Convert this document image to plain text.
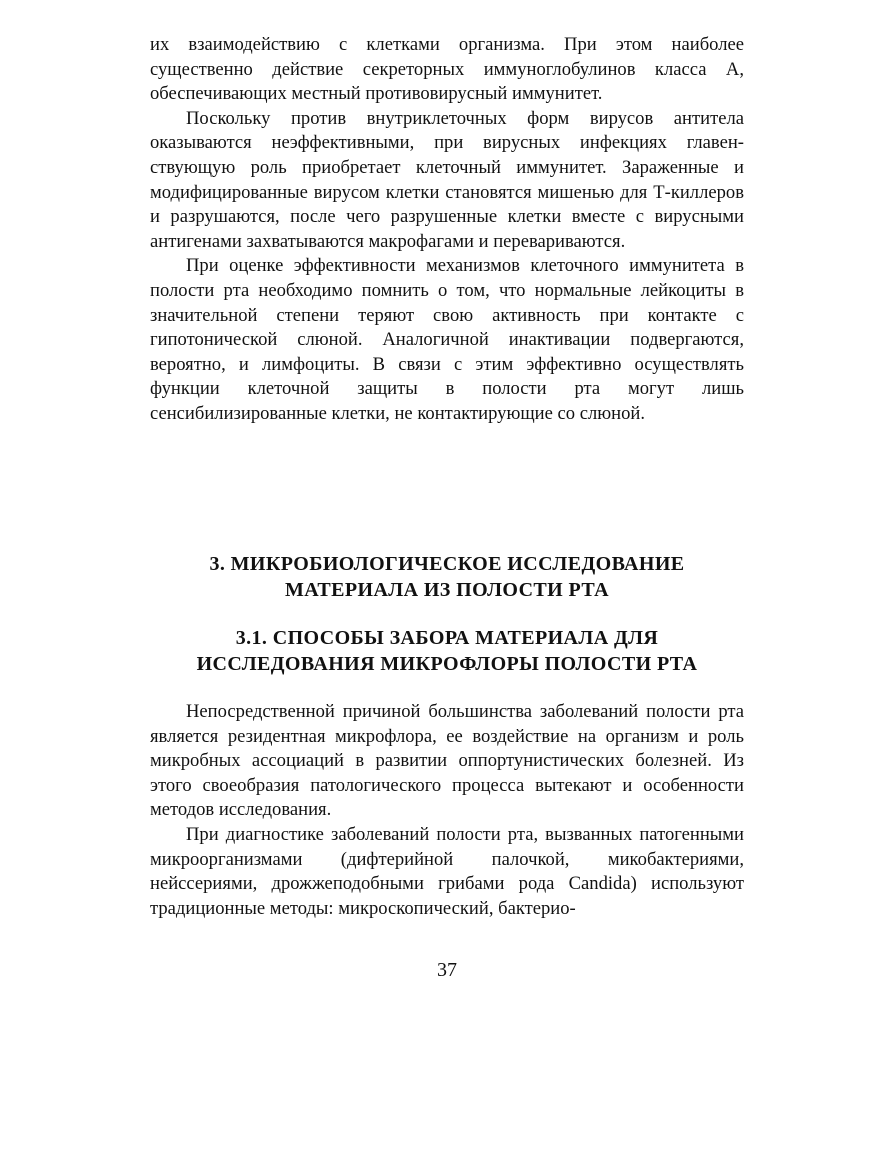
их взаимодействию с клетками организма. При этом наиболее существенно действие секреторных иммуноглобулинов класса А, обеспечивающих местный противовирусный иммунитет.

Поскольку против внутриклеточных форм вирусов антитела оказываются неэффективными, при вирусных инфекциях главенствующую роль приобретает клеточный иммунитет. Зараженные и модифицированные вирусом клетки становятся мишенью для Т-киллеров и разрушаются, после чего разрушенные клетки вместе с вирусными антигенами захватываются макрофагами и перевариваются.

При оценке эффективности механизмов клеточного иммунитета в полости рта необходимо помнить о том, что нормальные лейкоциты в значительной степени теряют свою активность при контакте с гипотонической слюной. Аналогичной инактивации подвергаются, вероятно, и лимфоциты. В связи с этим эффективно осуществлять функции клеточной защиты в полости рта могут лишь сенсибилизированные клетки, не контактирующие со слюной.

3. МИКРОБИОЛОГИЧЕСКОЕ ИССЛЕДОВАНИЕ
МАТЕРИАЛА ИЗ ПОЛОСТИ РТА
3.1. СПОСОБЫ ЗАБОРА МАТЕРИАЛА ДЛЯ
ИССЛЕДОВАНИЯ МИКРОФЛОРЫ ПОЛОСТИ РТА

Непосредственной причиной большинства заболеваний полости рта является резидентная микрофлора, ее воздействие на организм и роль микробных ассоциаций в развитии оппортунистических болезней. Из этого своеобразия патологического процесса вытекают и особенности методов исследования.

При диагностике заболеваний полости рта, вызванных патогенными микроорганизмами (дифтерийной палочкой, микобактериями, нейссериями, дрожжеподобными грибами рода Candida) используют традиционные методы: микроскопический, бактерио-

37
